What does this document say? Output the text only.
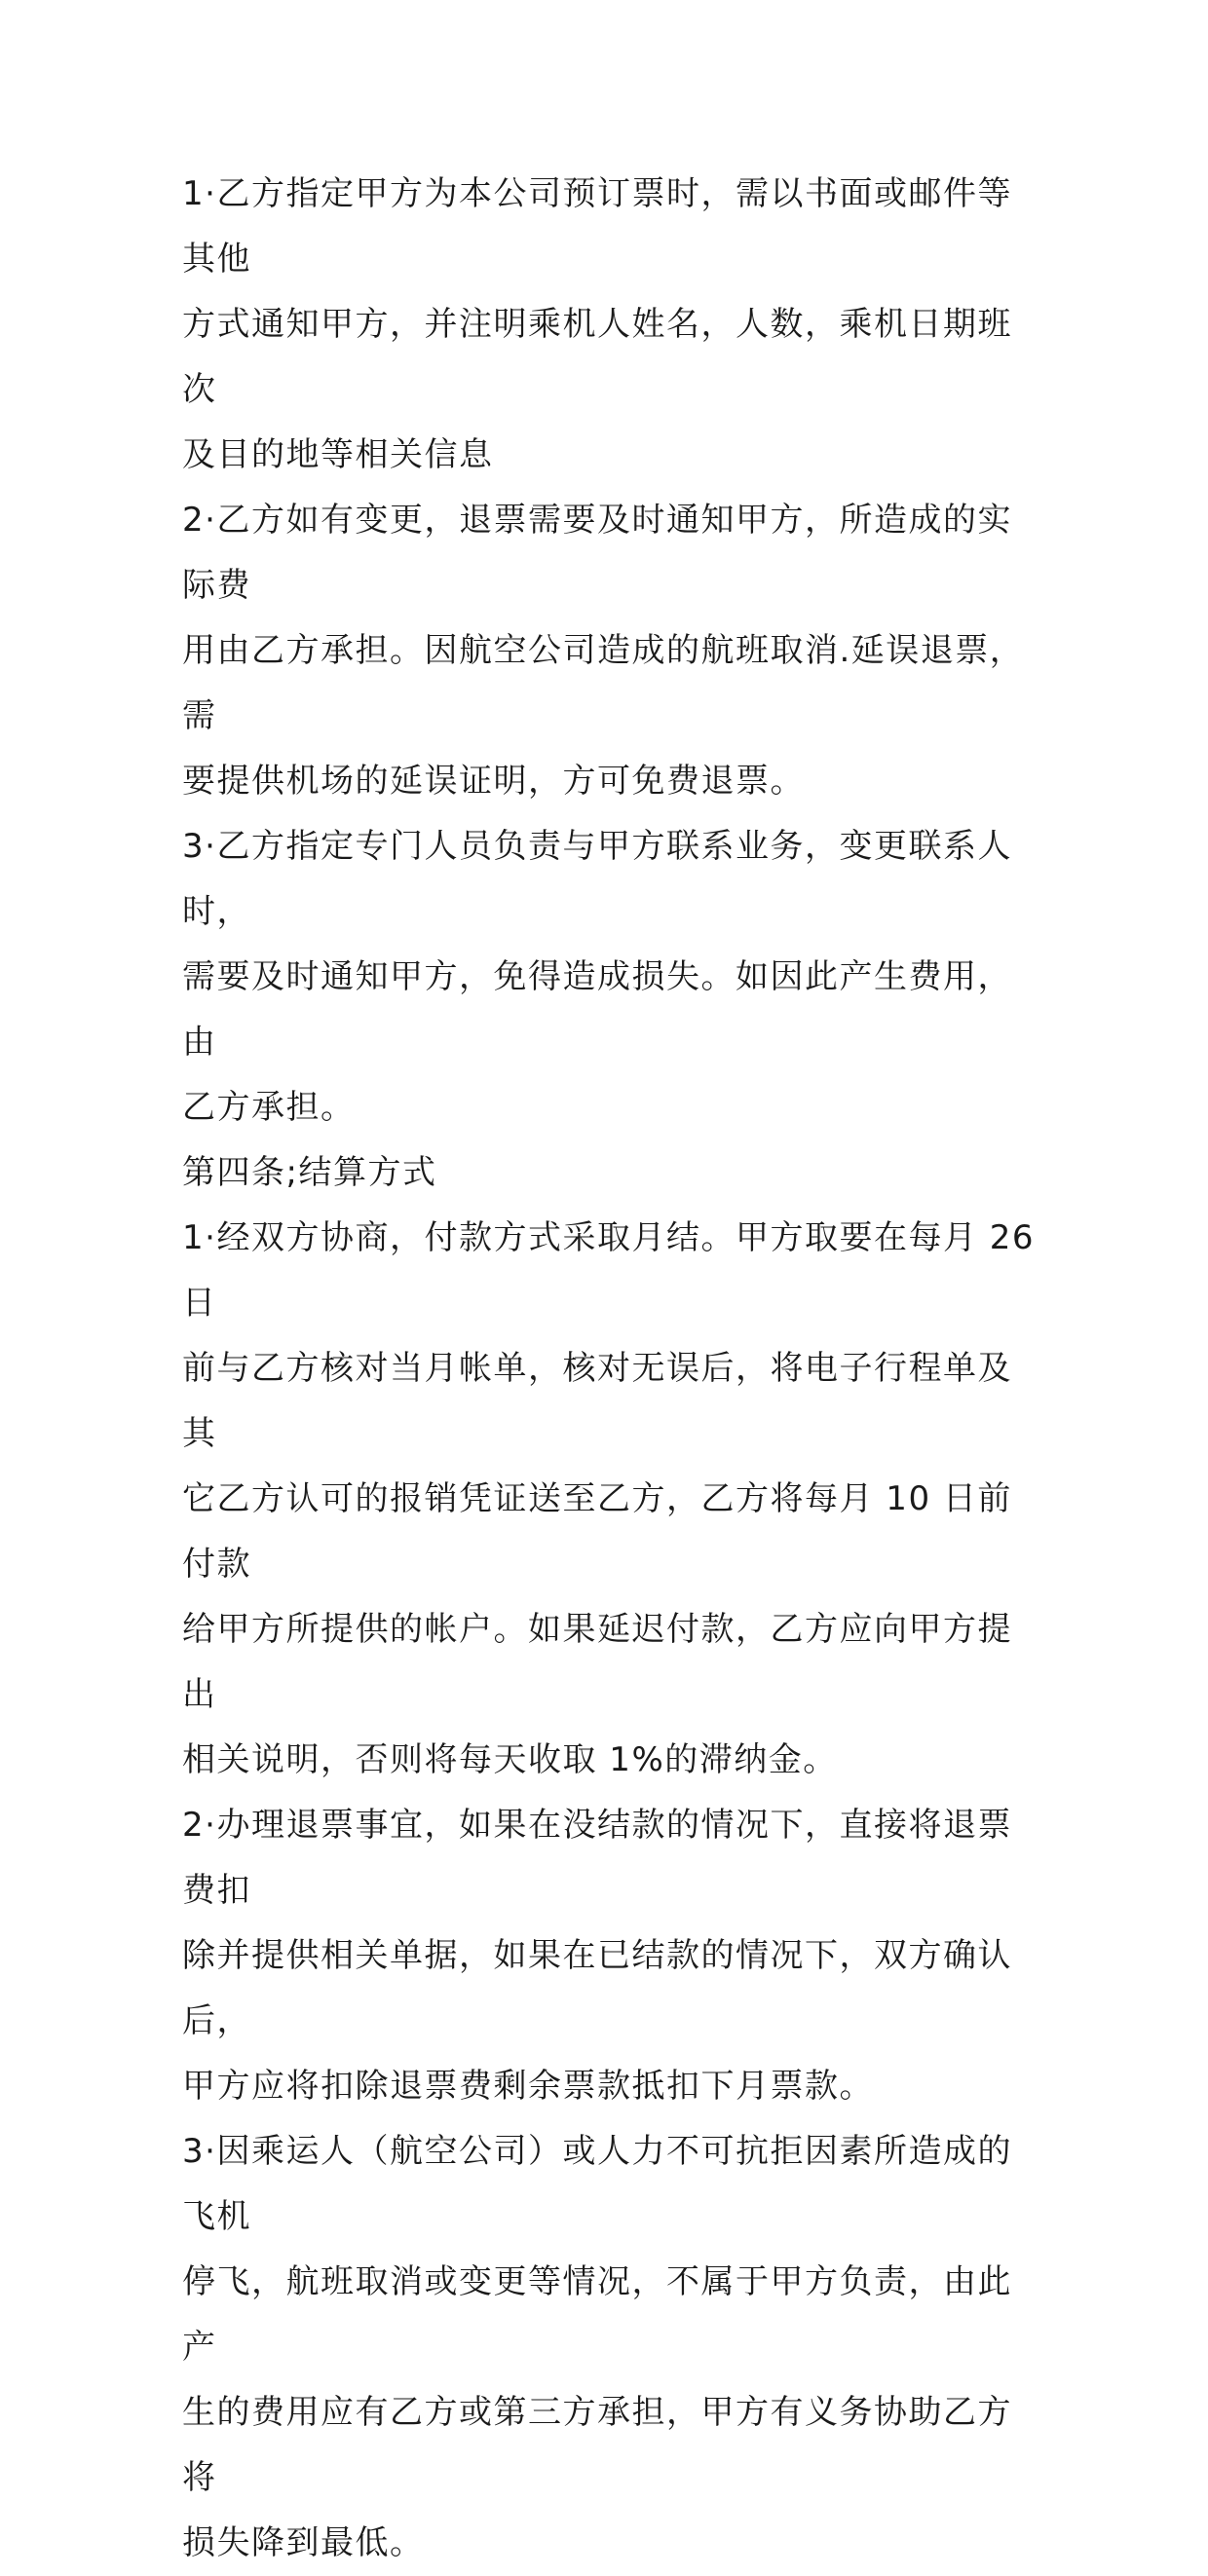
1·乙方指定甲方为本公司预订票时，需以书面或邮件等其他
方式通知甲方，并注明乘机人姓名，人数，乘机日期班次
及目的地等相关信息

2·乙方如有变更，退票需要及时通知甲方，所造成的实际费
用由乙方承担。因航空公司造成的航班取消.延误退票，需
要提供机场的延误证明，方可免费退票。

3·乙方指定专门人员负责与甲方联系业务，变更联系人时，
需要及时通知甲方，免得造成损失。如因此产生费用，由
乙方承担。

第四条;结算方式

1·经双方协商，付款方式采取月结。甲方取要在每月 26 日
前与乙方核对当月帐单，核对无误后，将电子行程单及其
它乙方认可的报销凭证送至乙方，乙方将每月 10 日前付款
给甲方所提供的帐户。如果延迟付款，乙方应向甲方提出
相关说明，否则将每天收取 1%的滞纳金。

2·办理退票事宜，如果在没结款的情况下，直接将退票费扣
除并提供相关单据，如果在已结款的情况下，双方确认后，
甲方应将扣除退票费剩余票款抵扣下月票款。

3·因乘运人（航空公司）或人力不可抗拒因素所造成的飞机
停飞，航班取消或变更等情况，不属于甲方负责，由此产
生的费用应有乙方或第三方承担，甲方有义务协助乙方将
损失降到最低。
